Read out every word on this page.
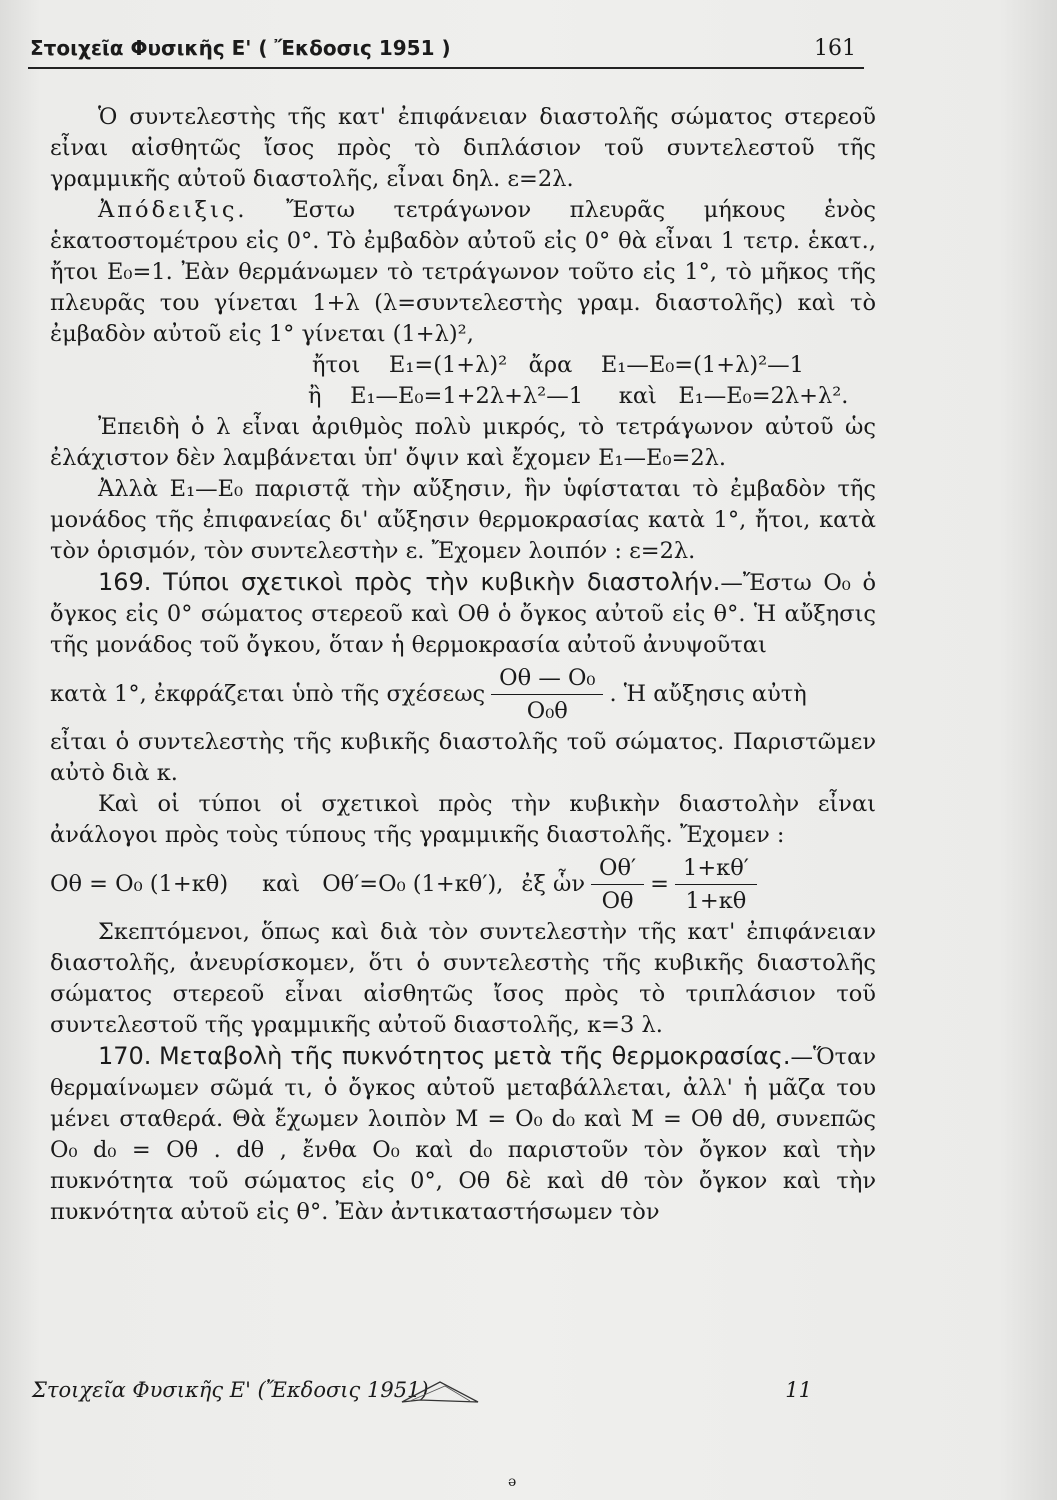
Στοιχεῖα Φυσικῆς Ε' ( Ἔκδοσις 1951 )	161

Ὁ συντελεστὴς τῆς κατ' ἐπιφάνειαν διαστολῆς σώματος στερεοῦ εἶναι αἰσθητῶς ἴσος πρὸς τὸ διπλάσιον τοῦ συντελεστοῦ τῆς γραμμικῆς αὐτοῦ διαστολῆς, εἶναι δηλ. ε=2λ.

Ἀπόδειξις. Ἔστω τετράγωνον πλευρᾶς μήκους ἑνὸς ἑκατοστομέτρου εἰς 0°. Τὸ ἐμβαδὸν αὐτοῦ εἰς 0° θὰ εἶναι 1 τετρ. ἑκατ., ἤτοι E₀=1. Ἐὰν θερμάνωμεν τὸ τετράγωνον τοῦτο εἰς 1°, τὸ μῆκος τῆς πλευρᾶς του γίνεται 1+λ (λ=συντελεστὴς γραμ. διαστολῆς) καὶ τὸ ἐμβαδὸν αὐτοῦ εἰς 1° γίνεται (1+λ)²,

ἤτοι    E₁=(1+λ)²   ἄρα    E₁—E₀=(1+λ)²—1

ἢ    E₁—E₀=1+2λ+λ²—1     καὶ   E₁—E₀=2λ+λ².

Ἐπειδὴ ὁ λ εἶναι ἀριθμὸς πολὺ μικρός, τὸ τετράγωνον αὐτοῦ ὡς ἐλάχιστον δὲν λαμβάνεται ὑπ' ὄψιν καὶ ἔχομεν E₁—E₀=2λ.

Ἀλλὰ E₁—E₀ παριστᾷ τὴν αὔξησιν, ἣν ὑφίσταται τὸ ἐμβαδὸν τῆς μονάδος τῆς ἐπιφανείας δι' αὔξησιν θερμοκρασίας κατὰ 1°, ἤτοι, κατὰ τὸν ὁρισμόν, τὸν συντελεστὴν ε. Ἔχομεν λοιπόν : ε=2λ.

169. Τύποι σχετικοὶ πρὸς τὴν κυβικὴν διαστολήν.—Ἔστω O₀ ὁ ὄγκος εἰς 0° σώματος στερεοῦ καὶ Oθ ὁ ὄγκος αὐτοῦ εἰς θ°. Ἡ αὔξησις τῆς μονάδος τοῦ ὄγκου, ὅταν ἡ θερμοκρασία αὐτοῦ ἀνυψοῦται

κατὰ 1°, ἐκφράζεται ὑπὸ τῆς σχέσεως $\frac{\text{Oθ — O₀}}{\text{O₀θ}}$ . Ἡ αὔξησις αὐτὴ

εἶται ὁ συντελεστὴς τῆς κυβικῆς διαστολῆς τοῦ σώματος. Παριστῶμεν αὐτὸ διὰ κ.

Καὶ οἱ τύποι οἱ σχετικοὶ πρὸς τὴν κυβικὴν διαστολὴν εἶναι ἀνάλογοι πρὸς τοὺς τύπους τῆς γραμμικῆς διαστολῆς. Ἔχομεν :

Oθ = O₀ (1+κθ) καὶ Oθ′=O₀ (1+κθ′), ἐξ ὧν $\frac{O\theta'}{O\theta} = \frac{1+\kappa\theta'}{1+\kappa\theta}$

Σκεπτόμενοι, ὅπως καὶ διὰ τὸν συντελεστὴν τῆς κατ' ἐπιφάνειαν διαστολῆς, ἀνευρίσκομεν, ὅτι ὁ συντελεστὴς τῆς κυβικῆς διαστολῆς σώματος στερεοῦ εἶναι αἰσθητῶς ἴσος πρὸς τὸ τριπλάσιον τοῦ συντελεστοῦ τῆς γραμμικῆς αὐτοῦ διαστολῆς, κ=3 λ.

170. Μεταβολὴ τῆς πυκνότητος μετὰ τῆς θερμοκρασίας.—Ὅταν θερμαίνωμεν σῶμά τι, ὁ ὄγκος αὐτοῦ μεταβάλλεται, ἀλλ' ἡ μᾶζα του μένει σταθερά. Θὰ ἔχωμεν λοιπὸν M = O₀ d₀ καὶ M = Oθ dθ, συνεπῶς O₀ d₀ = Oθ . dθ , ἔνθα O₀ καὶ d₀ παριστοῦν τὸν ὄγκον καὶ τὴν πυκνότητα τοῦ σώματος εἰς 0°, Oθ δὲ καὶ dθ τὸν ὄγκον καὶ τὴν πυκνότητα αὐτοῦ εἰς θ°. Ἐὰν ἀντικαταστήσωμεν τὸν

Στοιχεῖα Φυσικῆς Ε' (Ἔκδοσις 1951)	11
ə
